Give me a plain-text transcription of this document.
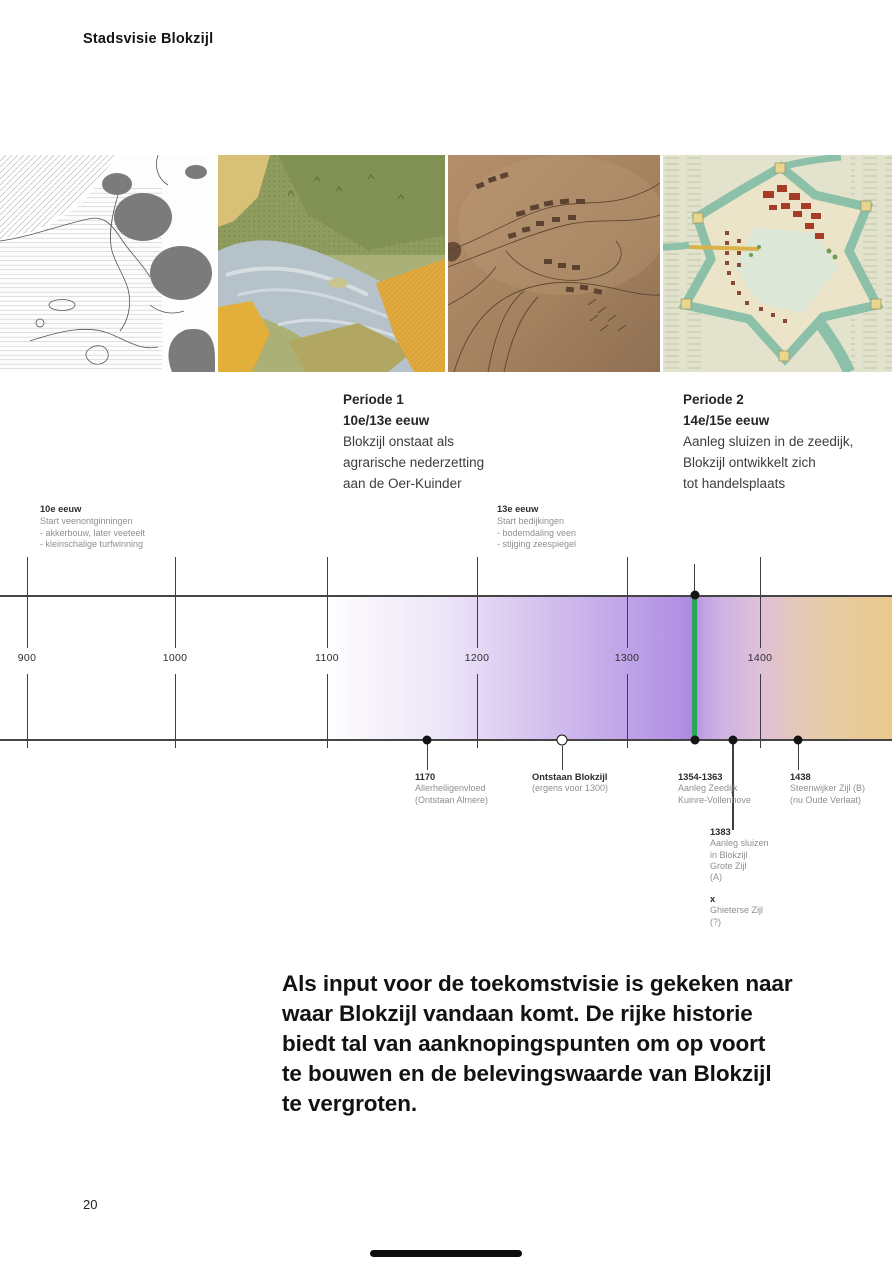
Stadsvisie Blokzijl
Periode 1
10e/13e eeuw
Blokzijl onstaat als
agrarische nederzetting
aan de Oer-Kuinder
Periode 2
14e/15e eeuw
Aanleg sluizen in de zeedijk,
Blokzijl ontwikkelt zich
tot handelsplaats
10e eeuw
Start veenontginningen
- akkerbouw, later veeteelt
- kleinschalige turfwinning
13e eeuw
Start bedijkingen
- bodemdaling veen
- stijging zeespiegel
900	1000	1100	1200	1300	1400
1170
Allerheiligenvloed
(Ontstaan Almere)
Ontstaan Blokzijl
(ergens voor 1300)
1354-1363
Aanleg Zeedijk
Kuinre-Vollenhove
1438
Steenwijker Zijl (B)
(nu Oude Verlaat)
1383
Aanleg sluizen
in Blokzijl
Grote Zijl
(A)
x
Ghieterse Zijl
(?)
Als input voor de toekomstvisie is gekeken naar
waar Blokzijl vandaan komt. De rijke historie
biedt tal van aanknopingspunten om op voort
te bouwen en de belevingswaarde van Blokzijl
te vergroten.
20
